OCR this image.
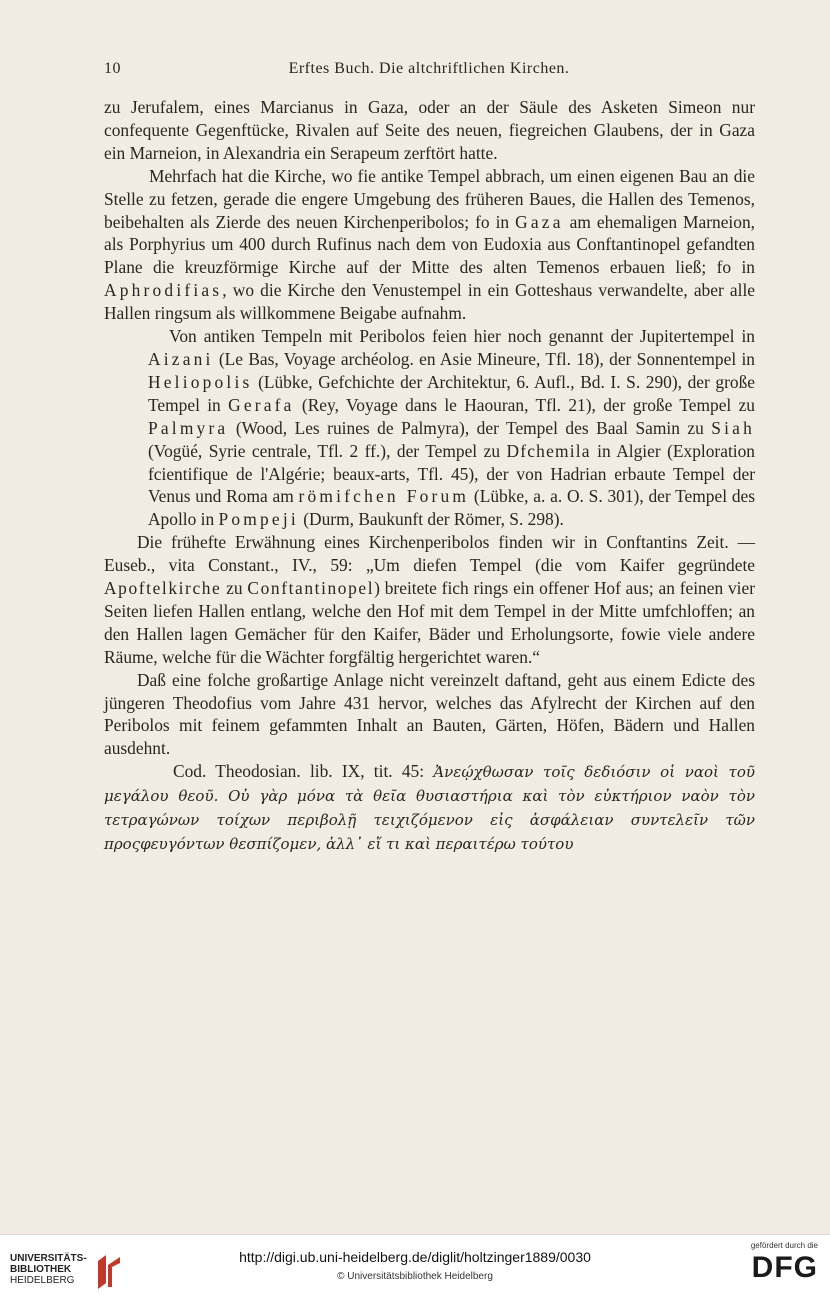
10	Erftes Buch. Die altchriftlichen Kirchen.

zu Jerufalem, eines Marcianus in Gaza, oder an der Säule des Asketen Simeon nur confequente Gegenftücke, Rivalen auf Seite des neuen, fiegreichen Glaubens, der in Gaza ein Marneion, in Alexandria ein Serapeum zerftört hatte.

Mehrfach hat die Kirche, wo fie antike Tempel abbrach, um einen eigenen Bau an die Stelle zu fetzen, gerade die engere Umgebung des früheren Baues, die Hallen des Temenos, beibehalten als Zierde des neuen Kirchenperibolos; fo in Gaza am ehemaligen Marneion, als Porphyrius um 400 durch Rufinus nach dem von Eudoxia aus Conftantinopel gefandten Plane die kreuzförmige Kirche auf der Mitte des alten Temenos erbauen ließ; fo in Aphrodifias, wo die Kirche den Venustempel in ein Gotteshaus verwandelte, aber alle Hallen ringsum als willkommene Beigabe aufnahm.

Von antiken Tempeln mit Peribolos feien hier noch genannt der Jupitertempel in Aizani (Le Bas, Voyage archéolog. en Asie Mineure, Tfl. 18), der Sonnentempel in Heliopolis (Lübke, Gefchichte der Architektur, 6. Aufl., Bd. I. S. 290), der große Tempel in Gerafa (Rey, Voyage dans le Haouran, Tfl. 21), der große Tempel zu Palmyra (Wood, Les ruines de Palmyra), der Tempel des Baal Samin zu Siah (Vogüé, Syrie centrale, Tfl. 2 ff.), der Tempel zu Dfchemila in Algier (Exploration fcientifique de l'Algérie; beaux-arts, Tfl. 45), der von Hadrian erbaute Tempel der Venus und Roma am römifchen Forum (Lübke, a. a. O. S. 301), der Tempel des Apollo in Pompeji (Durm, Baukunft der Römer, S. 298).

Die frühefte Erwähnung eines Kirchenperibolos finden wir in Conftantins Zeit. — Euseb., vita Constant., IV., 59: „Um diefen Tempel (die vom Kaifer gegründete Apoftelkirche zu Conftantinopel) breitete fich rings ein offener Hof aus; an feinen vier Seiten liefen Hallen entlang, welche den Hof mit dem Tempel in der Mitte umfchloffen; an den Hallen lagen Gemächer für den Kaifer, Bäder und Erholungsorte, fowie viele andere Räume, welche für die Wächter forgfältig hergerichtet waren.“

Daß eine folche großartige Anlage nicht vereinzelt daftand, geht aus einem Edicte des jüngeren Theodofius vom Jahre 431 hervor, welches das Afylrecht der Kirchen auf den Peribolos mit feinem gefammten Inhalt an Bauten, Gärten, Höfen, Bädern und Hallen ausdehnt.

Cod. Theodosian. lib. IX, tit. 45: Ἀνεῴχθωσαν τοῖς δεδιόσιν οἱ ναοὶ τοῦ μεγάλου θεοῦ. Οὐ γὰρ μόνα τὰ θεῖα θυσιαστήρια καὶ τὸν εὐκτήριον ναὸν τὸν τετραγώνων τοίχων περιβολῇ τειχιζόμενον εἰς ἀσφάλειαν συντελεῖν τῶν προςφευγόντων θεσπίζομεν, ἀλλ᾽ εἴ τι καὶ περαιτέρω τούτου

UNIVERSITÄTS-
BIBLIOTHEK
HEIDELBERG
http://digi.ub.uni-heidelberg.de/diglit/holtzinger1889/0030
© Universitätsbibliothek Heidelberg
gefördert durch die
DFG
